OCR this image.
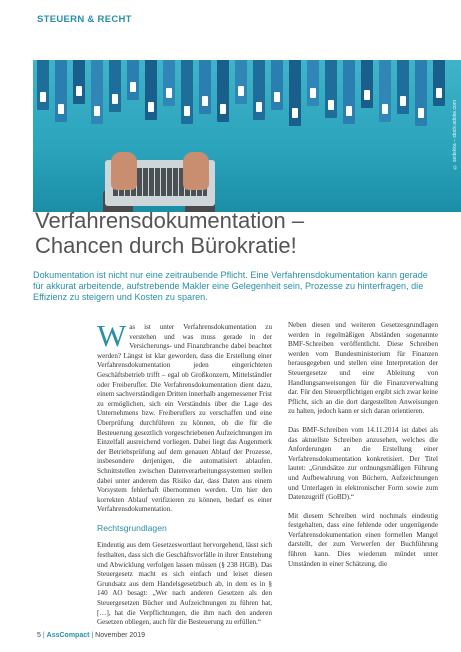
STEUERN & RECHT
© sedekka – stock.adobe.com
Verfahrensdokumentation –
Chancen durch Bürokratie!
Dokumentation ist nicht nur eine zeitraubende Pflicht. Eine Verfahrensdokumentation kann gerade für akkurat arbeitende, aufstrebende Makler eine Gelegenheit sein, Prozesse zu hinterfragen, die Effizienz zu steigern und Kosten zu sparen.

Was ist unter Verfahrensdokumentation zu verstehen und was muss gerade in der Versicherungs- und Finanzbranche dabei beachtet werden? Längst ist klar geworden, dass die Erstellung einer Verfahrensdokumentation jeden eingerichteten Geschäftsbetrieb trifft – egal ob Großkonzern, Mittelständler oder Freiberufler. Die Verfahrensdokumentation dient dazu, einem sachverständigen Dritten innerhalb angemessener Frist zu ermöglichen, sich ein Verständnis über die Lage des Unternehmens bzw. Freiberuflers zu verschaffen und eine Überprüfung durchführen zu können, ob die für die Besteuerung geseztlich vorgeschriebenen Aufzeichnungen im Einzelfall ausreichend vorliegen. Dabei liegt das Augenmerk der Betriebsprüfung auf dem genauen Ablauf der Prozesse, insbesondere derjenigen, die automatisiert ablaufen. Schnittstellen zwischen Datenverarbeitungssystemen stellen dabei unter anderem das Risiko dar, dass Daten aus einem Vorsystem fehlerhaft übernommen werden. Um hier den korrekten Ablauf verifizieren zu können, bedarf es einer Verfahrensdokumentation.

Rechtsgrundlagen

Eindeutig aus dem Gesetzeswortlaut hervorgehend, lässt sich festhalten, dass sich die Geschäftsvorfälle in ihrer Entstehung und Abwicklung verfolgen lassen müssen (§ 238 HGB). Das Steuergesetz macht es sich einfach und leiset diesen Grundsatz aus dem Handelsgesetzbuch ab, in dem es in § 140 AO besagt: „Wer nach anderen Gesetzen als den Steuergesetzen Bücher und Aufzeichnungen zu führen hat, […], hat die Verpflichtungen, die ihm nach den anderen Gesetzen obliegen, auch für die Besteuerung zu erfüllen.“

Neben diesen und weiteren Gesetzesgrundlagen werden in regelmäßigen Abständen sogenannte BMF-Schreiben veröffentlicht. Diese Schreiben werden vom Bundesministerium für Finanzen herausgegeben und stellen eine Interpretation der Steuergesetze und eine Ableitung von Handlungsanweisungen für die Finanzverwaltung dar. Für den Steuerpflichtigen ergibt sich zwar keine Pflicht, sich an die dort dargestellten Anweisungen zu halten, jedoch kann er sich daran orientieren.

Das BMF-Schreiben vom 14.11.2014 ist dabei als das aktuellste Schreiben anzusehen, welches die Anforderungen an die Erstellung einer Verfahrensdokumentation konkretisiert. Der Titel lautet: „Grundsätze zur ordnungsmäßigen Führung und Aufbewahrung von Büchern, Aufzeichnungen und Unterlagen in elektronischer Form sowie zum Datenzugriff (GoBD).“

Mit diesem Schreiben wird nochmals eindeutig festgehalten, dass eine fehlende oder ungenügende Verfahrensdokumentation einen formellen Mangel darstellt, der zum Verwerfen der Buchführung führen kann. Dies wiederum mündet unter Umständen in einer Schätzung, die

5 | AssCompact | November 2019
